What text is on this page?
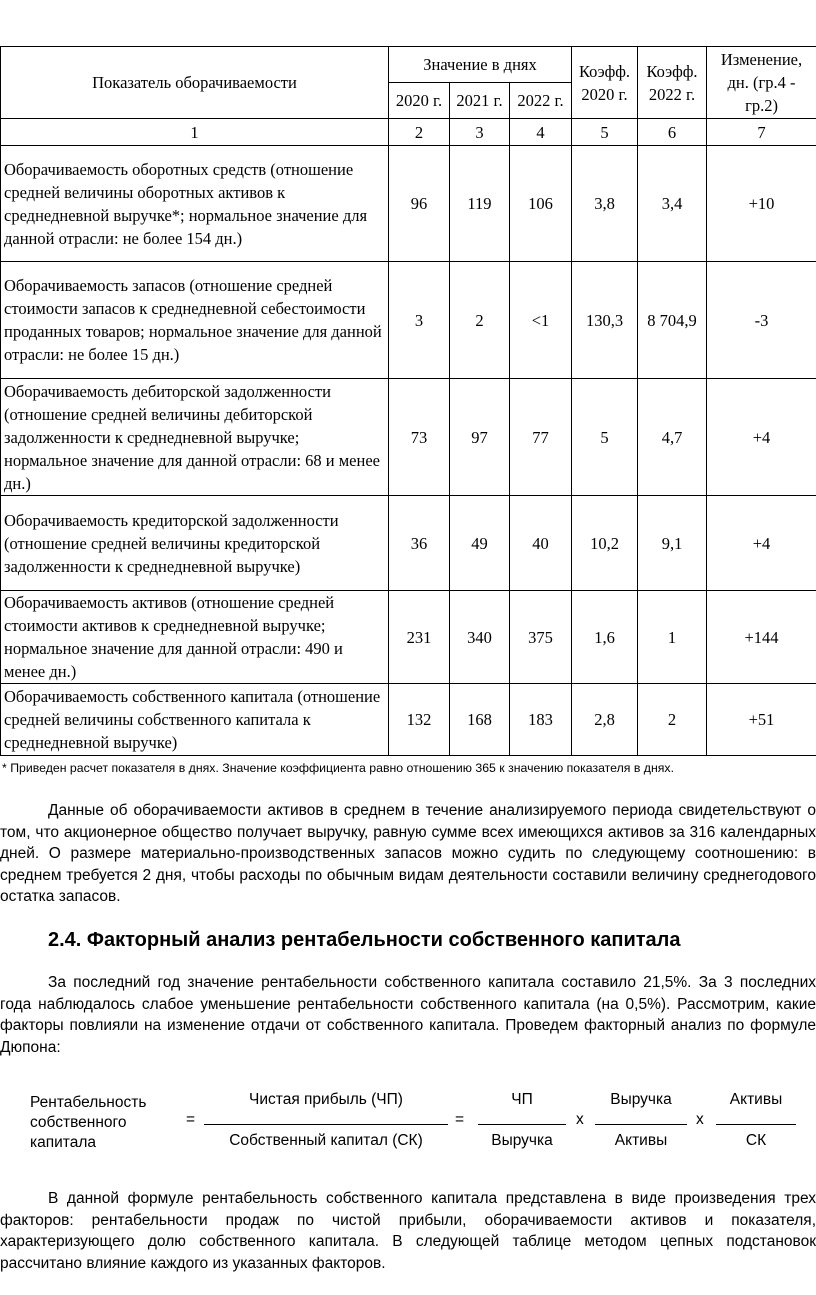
Показатель оборачиваемости	Значение в днях			Коэфф. 2020 г.	Коэфф. 2022 г.	Изменение, дн. (гр.4 - гр.2)
	2020 г.	2021 г.	2022 г.			
1	2	3	4	5	6	7
Оборачиваемость оборотных средств (отношение средней величины оборотных активов к среднедневной выручке*; нормальное значение для данной отрасли: не более 154 дн.)	96	119	106	3,8	3,4	+10
Оборачиваемость запасов (отношение средней стоимости запасов к среднедневной себестоимости проданных товаров; нормальное значение для данной отрасли: не более 15 дн.)	3	2	<1	130,3	8 704,9	-3
Оборачиваемость дебиторской задолженности (отношение средней величины дебиторской задолженности к среднедневной выручке; нормальное значение для данной отрасли: 68 и менее дн.)	73	97	77	5	4,7	+4
Оборачиваемость кредиторской задолженности (отношение средней величины кредиторской задолженности к среднедневной выручке)	36	49	40	10,2	9,1	+4
Оборачиваемость активов (отношение средней стоимости активов к среднедневной выручке; нормальное значение для данной отрасли: 490 и менее дн.)	231	340	375	1,6	1	+144
Оборачиваемость собственного капитала (отношение средней величины собственного капитала к среднедневной выручке)	132	168	183	2,8	2	+51
* Приведен расчет показателя в днях. Значение коэффициента равно отношению 365 к значению показателя в днях.

Данные об оборачиваемости активов в среднем в течение анализируемого периода свидетельствуют о том, что акционерное общество получает выручку, равную сумме всех имеющихся активов за 316 календарных дней. О размере материально-производственных запасов можно судить по следующему соотношению: в среднем требуется 2 дня, чтобы расходы по обычным видам деятельности составили величину среднегодового остатка запасов.

2.4. Факторный анализ рентабельности собственного капитала

За последний год значение рентабельности собственного капитала составило 21,5%. За 3 последних года наблюдалось слабое уменьшение рентабельности собственного капитала (на 0,5%). Рассмотрим, какие факторы повлияли на изменение отдачи от собственного капитала. Проведем факторный анализ по формуле Дюпона:

Рентабельность собственного капитала
=
Чистая прибыль (ЧП)
Собственный капитал (СК)
=
ЧП
Выручка
x
Выручка
Активы
x
Активы
СК

В данной формуле рентабельность собственного капитала представлена в виде произведения трех факторов: рентабельности продаж по чистой прибыли, оборачиваемости активов и показателя, характеризующего долю собственного капитала. В следующей таблице методом цепных подстановок рассчитано влияние каждого из указанных факторов.
